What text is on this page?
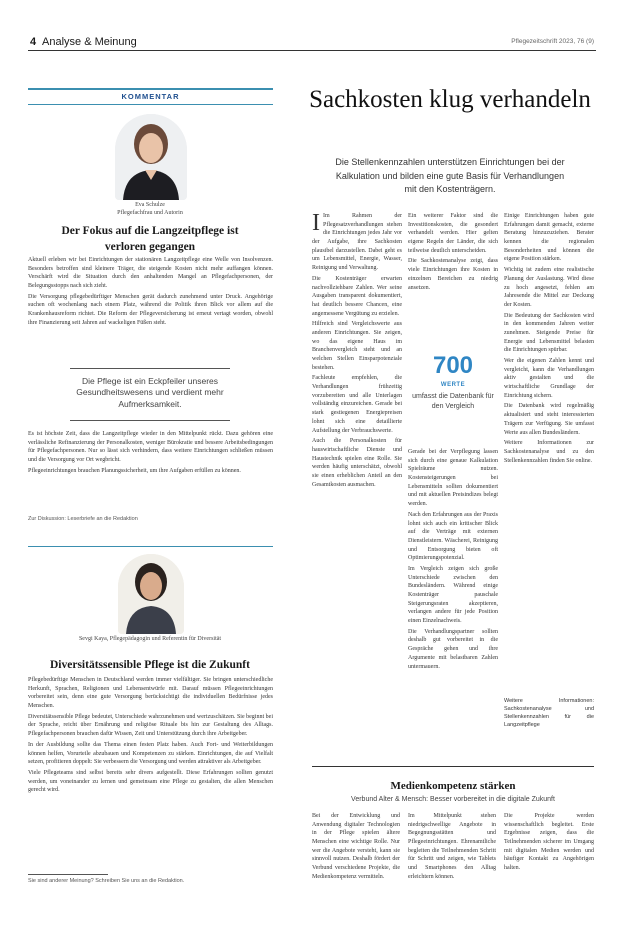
4 Analyse & Meinung	Pflegezeitschrift 2023, 76 (9)
KOMMENTAR
Eva Schulze
Pflegefachfrau und Autorin
Der Fokus auf die Langzeitpflege ist verloren gegangen

Aktuell erleben wir bei Einrichtungen der stationären Langzeitpflege eine Welle von Insolvenzen. Besonders betroffen sind kleinere Träger, die steigende Kosten nicht mehr auffangen können. Verschärft wird die Situation durch den anhaltenden Mangel an Pflegefachpersonen, der Belegungsstopps nach sich zieht.

Die Versorgung pflegebedürftiger Menschen gerät dadurch zunehmend unter Druck. Angehörige suchen oft wochenlang nach einem Platz, während die Politik ihren Blick vor allem auf die Krankenhausreform richtet. Die Reform der Pflegeversicherung ist erneut vertagt worden, obwohl ihre Finanzierung seit Jahren auf wackeligen Füßen steht.

Die Pflege ist ein Eckpfeiler unseres Gesundheitswesens und verdient mehr Aufmerksamkeit.

Es ist höchste Zeit, dass die Langzeitpflege wieder in den Mittelpunkt rückt. Dazu gehören eine verlässliche Refinanzierung der Personalkosten, weniger Bürokratie und bessere Arbeitsbedingungen für Pflegefachpersonen. Nur so lässt sich verhindern, dass weitere Einrichtungen schließen müssen und die Versorgung vor Ort wegbricht.

Pflegeeinrichtungen brauchen Planungssicherheit, um ihre Aufgaben erfüllen zu können.

Zur Diskussion: Leserbriefe an die Redaktion
Sevgi Kaya, Pflegepädagogin und Referentin für Diversität
Diversitätssensible Pflege ist die Zukunft

Pflegebedürftige Menschen in Deutschland werden immer vielfältiger. Sie bringen unterschiedliche Herkunft, Sprachen, Religionen und Lebensentwürfe mit. Darauf müssen Pflegeeinrichtungen vorbereitet sein, denn eine gute Versorgung berücksichtigt die individuellen Bedürfnisse jedes Menschen.

Diversitätssensible Pflege bedeutet, Unterschiede wahrzunehmen und wertzuschätzen. Sie beginnt bei der Sprache, reicht über Ernährung und religiöse Rituale bis hin zur Gestaltung des Alltags. Pflegefachpersonen brauchen dafür Wissen, Zeit und Unterstützung durch ihre Arbeitgeber.

In der Ausbildung sollte das Thema einen festen Platz haben. Auch Fort- und Weiterbildungen können helfen, Vorurteile abzubauen und Kompetenzen zu stärken. Einrichtungen, die auf Vielfalt setzen, profitieren doppelt: Sie verbessern die Versorgung und werden attraktiver als Arbeitgeber.

Viele Pflegeteams sind selbst bereits sehr divers aufgestellt. Diese Erfahrungen sollten genutzt werden, um voneinander zu lernen und gemeinsam eine Pflege zu gestalten, die allen Menschen gerecht wird.

Sie sind anderer Meinung? Schreiben Sie uns an die Redaktion.
Sachkosten klug verhandeln
Die Stellenkennzahlen unterstützen Einrichtungen bei der Kalkulation und bilden eine gute Basis für Verhandlungen mit den Kostenträgern.

I Im Rahmen der Pflegesatzverhandlungen stehen die Einrichtungen jedes Jahr vor der Aufgabe, ihre Sachkosten plausibel darzustellen. Dabei geht es um Lebensmittel, Energie, Wasser, Reinigung und Verwaltung.

Die Kostenträger erwarten nachvollziehbare Zahlen. Wer seine Ausgaben transparent dokumentiert, hat deutlich bessere Chancen, eine angemessene Vergütung zu erzielen.

Hilfreich sind Vergleichswerte aus anderen Einrichtungen. Sie zeigen, wo das eigene Haus im Branchenvergleich steht und an welchen Stellen Einsparpotenziale bestehen.

Fachleute empfehlen, die Verhandlungen frühzeitig vorzubereiten und alle Unterlagen vollständig einzureichen. Gerade bei stark gestiegenen Energiepreisen lohnt sich eine detaillierte Aufstellung der Verbrauchswerte.

Auch die Personalkosten für hauswirtschaftliche Dienste und Haustechnik spielen eine Rolle. Sie werden häufig unterschätzt, obwohl sie einen erheblichen Anteil an den Gesamtkosten ausmachen.

Ein weiterer Faktor sind die Investitionskosten, die gesondert verhandelt werden. Hier gelten eigene Regeln der Länder, die sich teilweise deutlich unterscheiden.

Die Sachkostenanalyse zeigt, dass viele Einrichtungen ihre Kosten in einzelnen Bereichen zu niedrig ansetzen.

700
WERTE
umfasst die Datenbank für den Vergleich

Gerade bei der Verpflegung lassen sich durch eine genaue Kalkulation Spielräume nutzen. Kostensteigerungen bei Lebensmitteln sollten dokumentiert und mit aktuellen Preisindizes belegt werden.

Nach den Erfahrungen aus der Praxis lohnt sich auch ein kritischer Blick auf die Verträge mit externen Dienstleistern. Wäscherei, Reinigung und Entsorgung bieten oft Optimierungspotenzial.

Im Vergleich zeigen sich große Unterschiede zwischen den Bundesländern. Während einige Kostenträger pauschale Steigerungsraten akzeptieren, verlangen andere für jede Position einen Einzelnachweis.

Die Verhandlungspartner sollten deshalb gut vorbereitet in die Gespräche gehen und ihre Argumente mit belastbaren Zahlen untermauern.

Einige Einrichtungen haben gute Erfahrungen damit gemacht, externe Beratung hinzuzuziehen. Berater kennen die regionalen Besonderheiten und können die eigene Position stärken.

Wichtig ist zudem eine realistische Planung der Auslastung. Wird diese zu hoch angesetzt, fehlen am Jahresende die Mittel zur Deckung der Kosten.

Die Bedeutung der Sachkosten wird in den kommenden Jahren weiter zunehmen. Steigende Preise für Energie und Lebensmittel belasten die Einrichtungen spürbar.

Wer die eigenen Zahlen kennt und vergleicht, kann die Verhandlungen aktiv gestalten und die wirtschaftliche Grundlage der Einrichtung sichern.

Die Datenbank wird regelmäßig aktualisiert und steht interessierten Trägern zur Verfügung. Sie umfasst Werte aus allen Bundesländern.

Weitere Informationen zur Sachkostenanalyse und zu den Stellenkennzahlen finden Sie online.

Weitere Informationen: Sachkostenanalyse und Stellenkennzahlen für die Langzeitpflege
Medienkompetenz stärken
Verbund Alter & Mensch: Besser vorbereitet in die digitale Zukunft
Bei der Entwicklung und Anwendung digitaler Technologien in der Pflege spielen ältere Menschen eine wichtige Rolle. Nur wer die Angebote versteht, kann sie sinnvoll nutzen. Deshalb fördert der Verbund verschiedene Projekte, die Medienkompetenz vermitteln.
Im Mittelpunkt stehen niedrigschwellige Angebote in Begegnungsstätten und Pflegeeinrichtungen. Ehrenamtliche begleiten die Teilnehmenden Schritt für Schritt und zeigen, wie Tablets und Smartphones den Alltag erleichtern können.
Die Projekte werden wissenschaftlich begleitet. Erste Ergebnisse zeigen, dass die Teilnehmenden sicherer im Umgang mit digitalen Medien werden und häufiger Kontakt zu Angehörigen halten.
